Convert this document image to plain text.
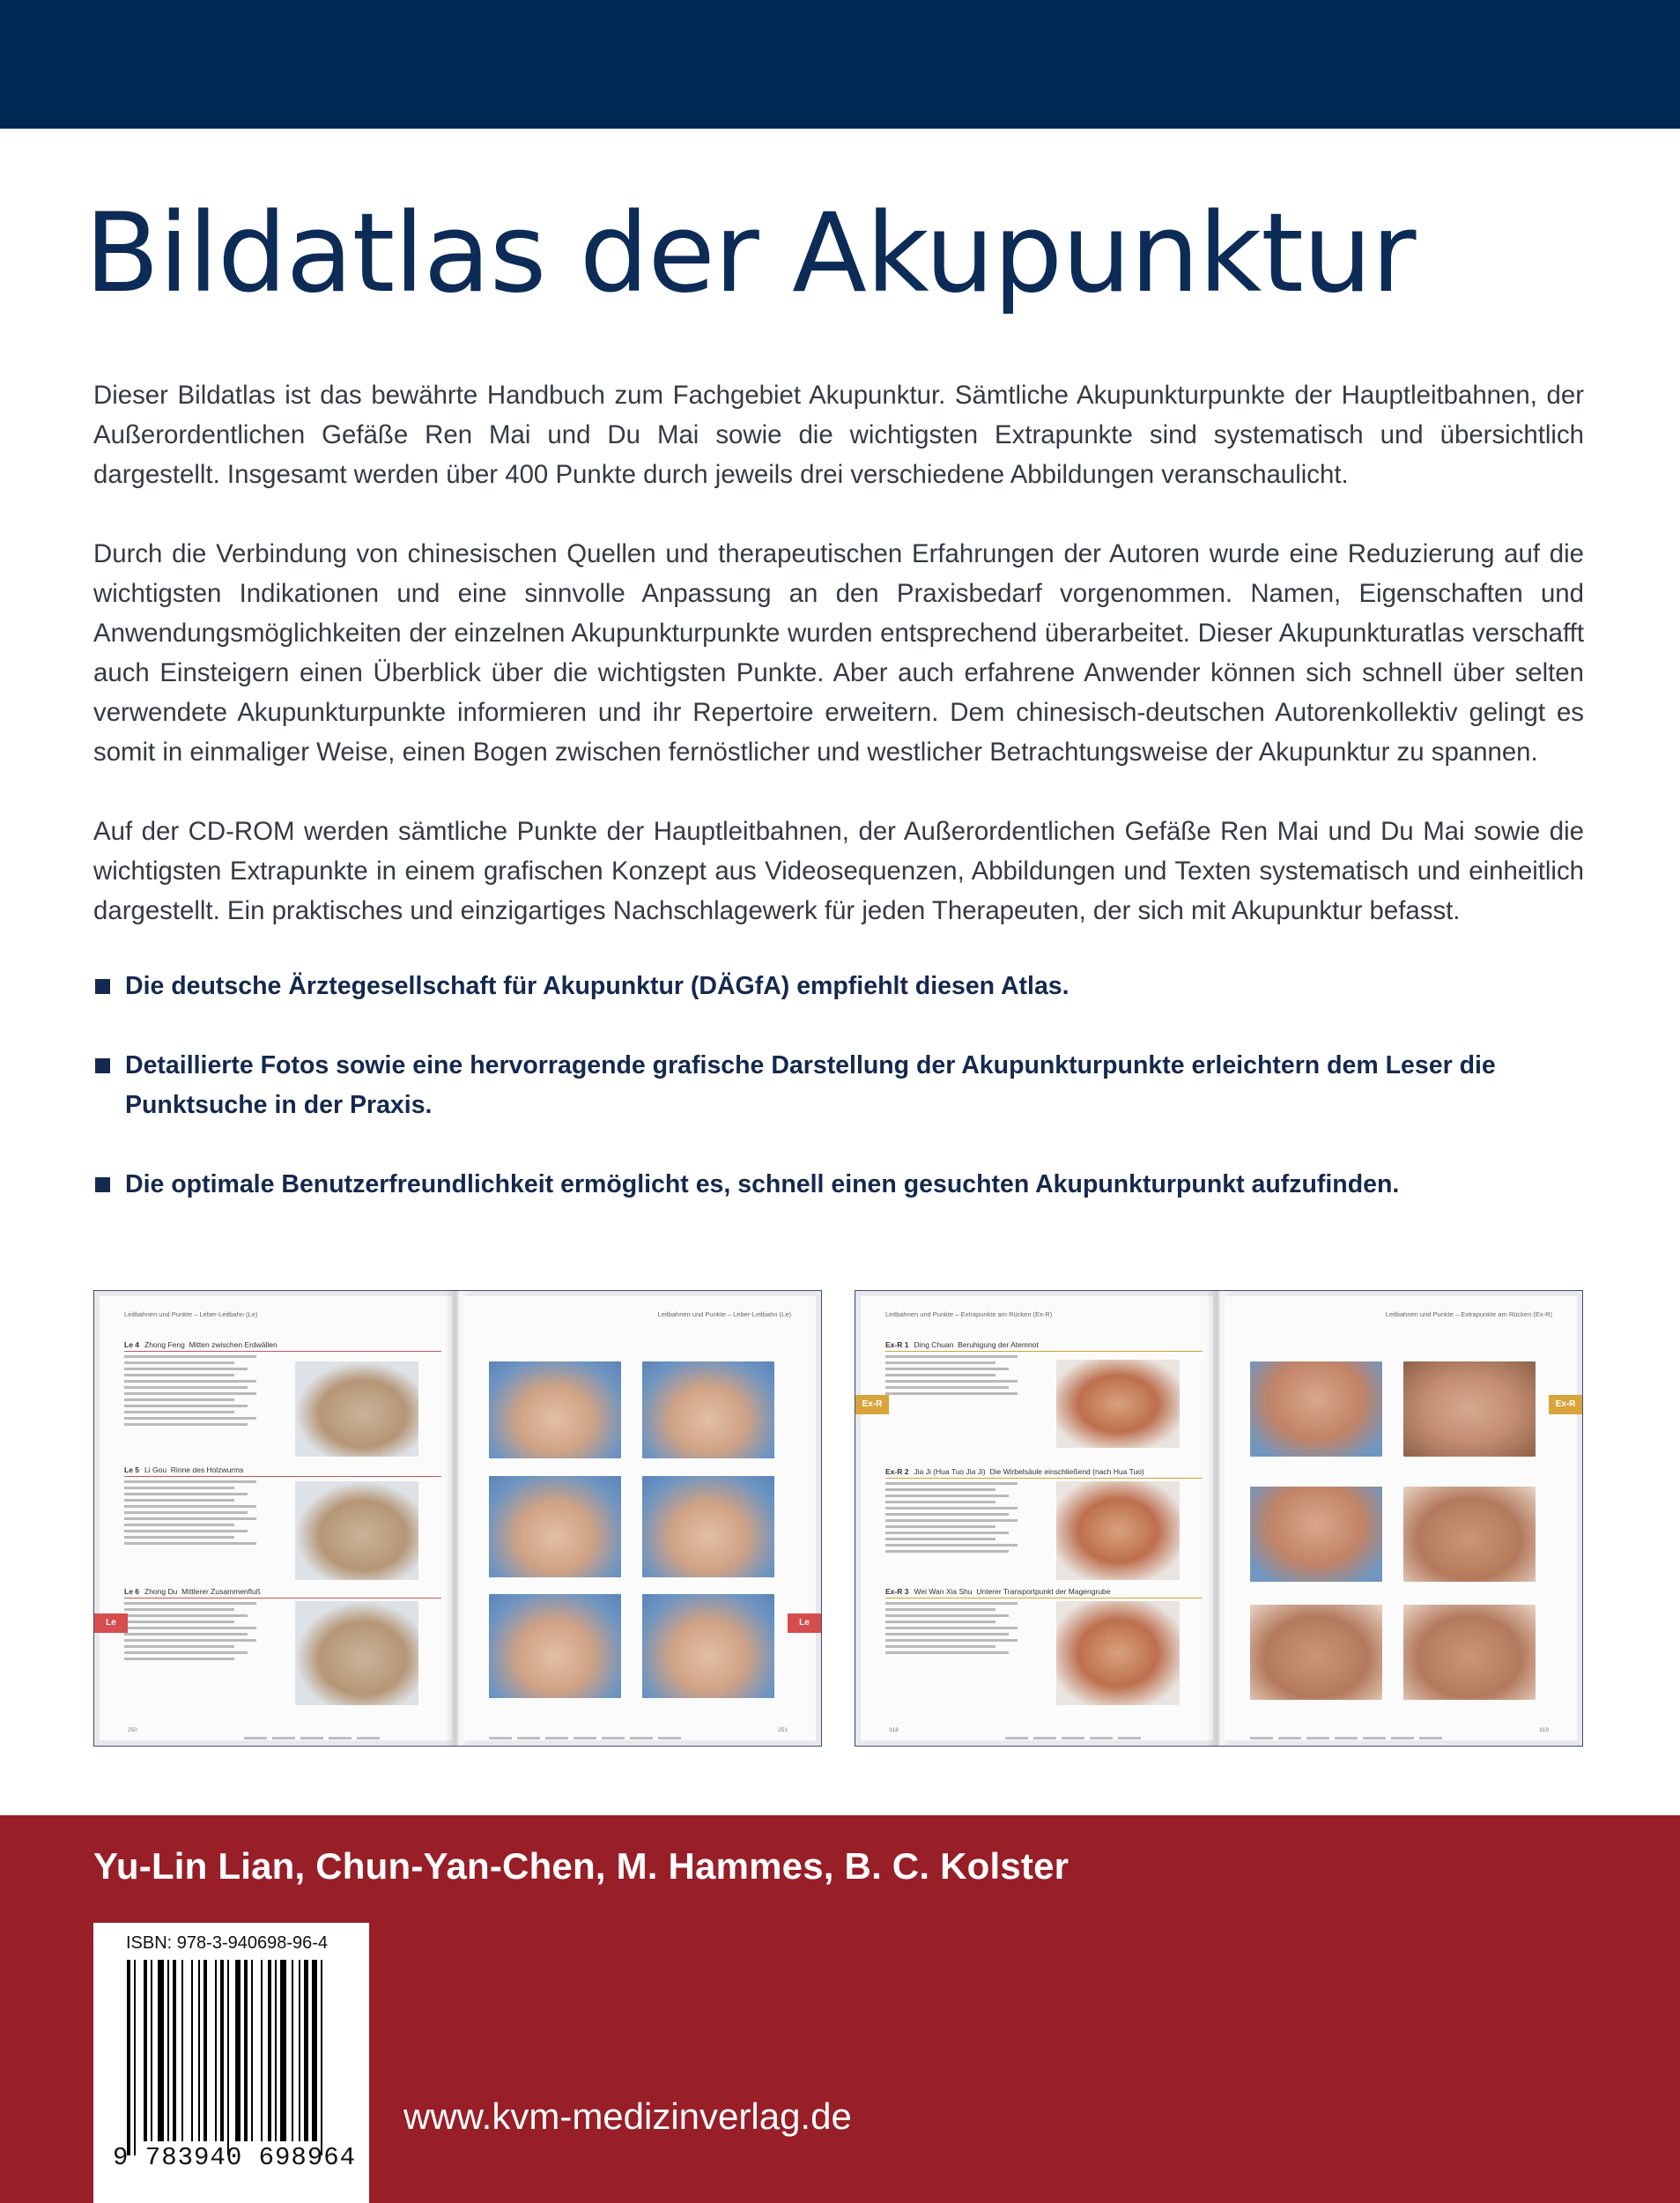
Bildatlas der Akupunktur

Dieser Bildatlas ist das bewährte Handbuch zum Fachgebiet Akupunktur. Sämtliche Akupunkturpunkte der Hauptleitbahnen, der Außerordentlichen Gefäße Ren Mai und Du Mai sowie die wichtigsten Extrapunkte sind systematisch und übersichtlich dargestellt. Insgesamt werden über 400 Punkte durch jeweils drei verschiedene Abbildungen veranschaulicht.

Durch die Verbindung von chinesischen Quellen und therapeutischen Erfahrungen der Autoren wurde eine Reduzierung auf die wichtigsten Indikationen und eine sinnvolle Anpassung an den Praxisbedarf vorgenommen. Namen, Eigenschaften und Anwendungsmöglichkeiten der einzelnen Akupunkturpunkte wurden entsprechend überarbeitet. Dieser Akupunkturatlas verschafft auch Einsteigern einen Überblick über die wichtigsten Punkte. Aber auch erfahrene Anwender können sich schnell über selten verwendete Akupunkturpunkte informieren und ihr Repertoire erweitern. Dem chinesisch-deutschen Autorenkollektiv gelingt es somit in einmaliger Weise, einen Bogen zwischen fernöstlicher und westlicher Betrachtungsweise der Akupunktur zu spannen.

Auf der CD-ROM werden sämtliche Punkte der Hauptleitbahnen, der Außerordentlichen Gefäße Ren Mai und Du Mai sowie die wichtigsten Extrapunkte in einem grafischen Konzept aus Videosequenzen, Abbildungen und Texten systematisch und einheitlich dargestellt. Ein praktisches und einzigartiges Nachschlagewerk für jeden Therapeuten, der sich mit Akupunktur befasst.

Die deutsche Ärztegesellschaft für Akupunktur (DÄGfA) empfiehlt diesen Atlas.
Detaillierte Fotos sowie eine hervorragende grafische Darstellung der Akupunkturpunkte erleichtern dem Leser die Punktsuche in der Praxis.
Die optimale Benutzerfreundlichkeit ermöglicht es, schnell einen gesuchten Akupunkturpunkt aufzufinden.
Leitbahnen und Punkte – Leber-Leitbahn (Le)	Leitbahnen und Punkte – Leber-Leitbahn (Le)
Le 4 Zhong Feng Mitten zwischen Erdwällen
Le 5 Li Gou Rinne des Holzwurms
Le 6 Zhong Du Mittlerer Zusammenfluß
Le	Le
250	251
Leitbahnen und Punkte – Extrapunkte am Rücken (Ex-R)	Leitbahnen und Punkte – Extrapunkte am Rücken (Ex-R)
Ex-R 1 Ding Chuan Beruhigung der Atemnot
Ex-R 2 Jia Ji (Hua Tuo Jia Ji) Die Wirbelsäule einschließend (nach Hua Tuo)
Ex-R 3 Wei Wan Xia Shu Unterer Transportpunkt der Magengrube
Ex-R	Ex-R
318	319
Yu-Lin Lian, Chun-Yan-Chen, M. Hammes, B. C. Kolster
ISBN: 978-3-940698-96-4
9 783940 698964
www.kvm-medizinverlag.de
